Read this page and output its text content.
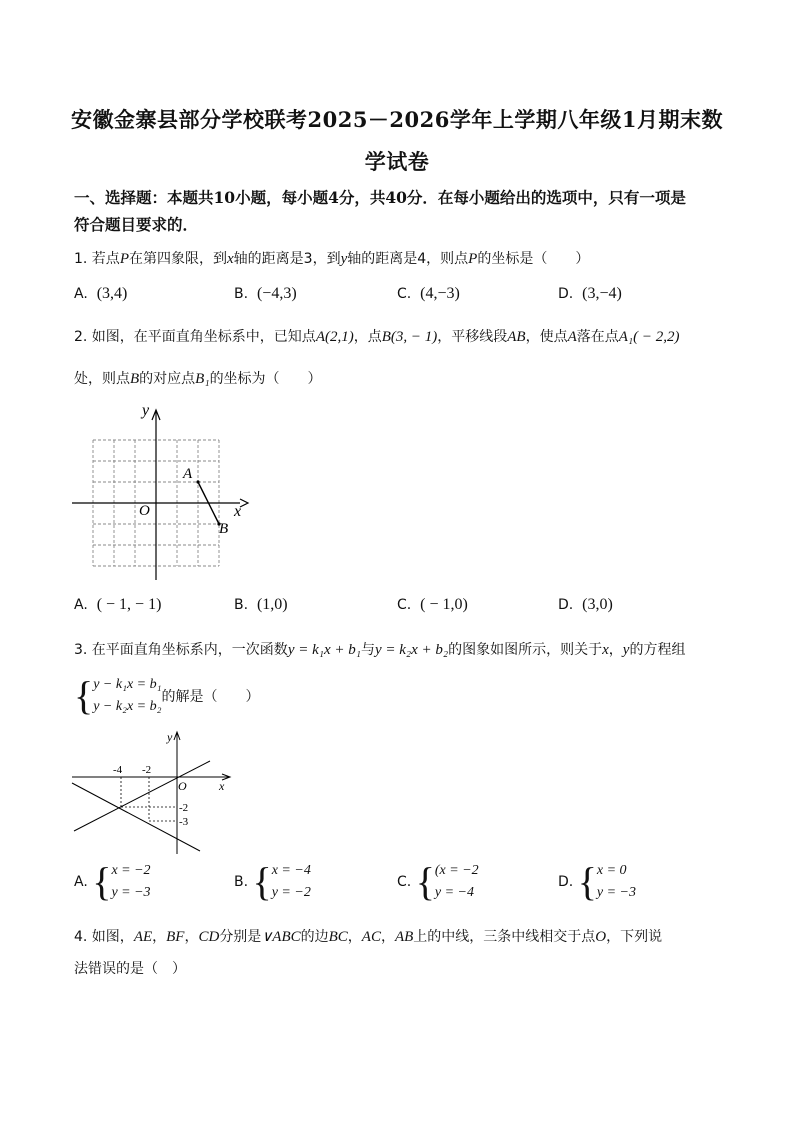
安徽金寨县部分学校联考2025－2026学年上学期八年级1月期末数
学试卷
一、选择题：本题共10小题，每小题4分，共40分．在每小题给出的选项中，只有一项是
符合题目要求的．
1. 若点P在第四象限，到x轴的距离是3，到y轴的距离是4，则点P的坐标是（　　）
A. (3,4)	B. (−4,3)	C. (4,−3)	D. (3,−4)
2. 如图，在平面直角坐标系中，已知点A(2,1)，点B(3, − 1)，平移线段AB，使点A落在点A₁( − 2,2)
处，则点B的对应点B₁的坐标为（　　）
y
x
O
A
B
A. ( − 1, − 1)	B. (1,0)	C. ( − 1,0)	D. (3,0)
3. 在平面直角坐标系内，一次函数y = k₁x + b₁与y = k₂x + b₂的图象如图所示，则关于x，y的方程组
{y − k₁x = b₁
y − k₂x = b₂的解是（　　）
-4 -2
-2
-3
y
x
O
A. {x = −2
y = −3
B. {x = −4
y = −2
C. {(x = −2
y = −4
D. {x = 0
y = −3
4. 如图，AE，BF，CD分别是∨ABC的边BC，AC，AB上的中线，三条中线相交于点O，下列说
法错误的是（　）
